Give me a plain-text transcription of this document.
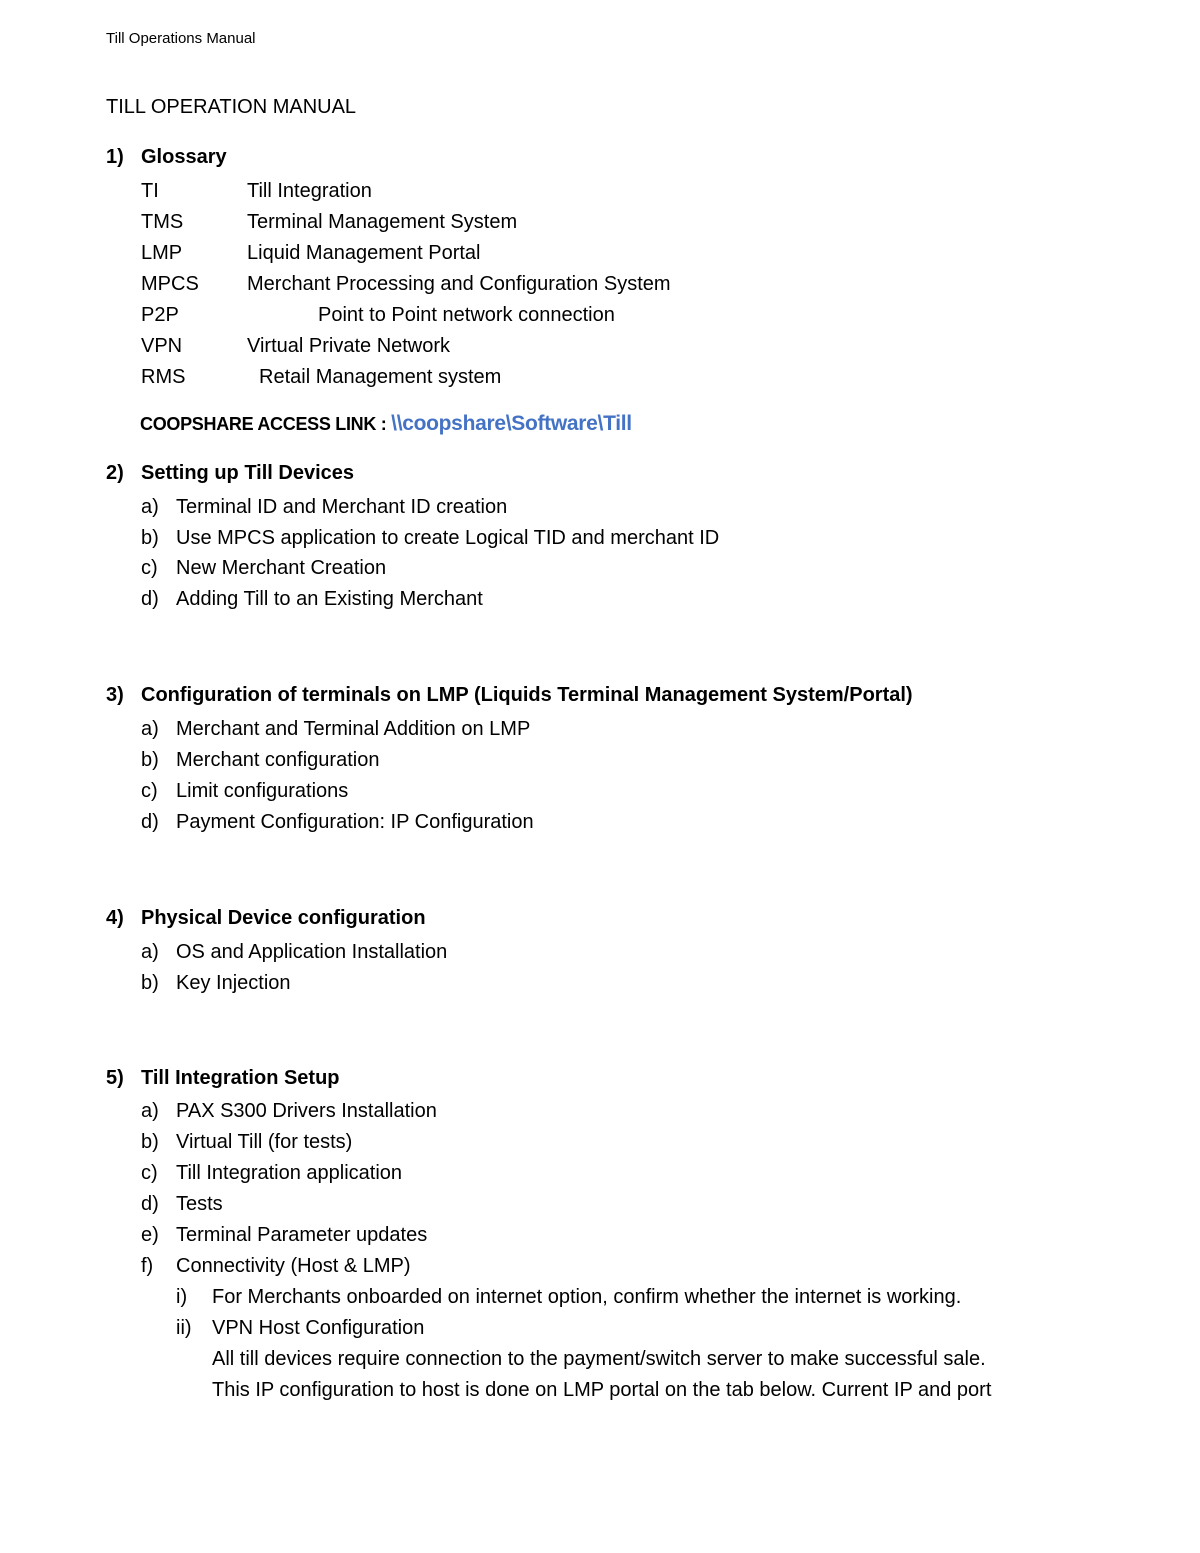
Till Operations Manual
TILL OPERATION MANUAL
1) Glossary
TI	Till Integration
TMS	Terminal Management System
LMP	Liquid Management Portal
MPCS Merchant Processing and Configuration System
P2P	Point to Point network connection
VPN	Virtual Private Network
RMS	Retail Management system
COOPSHARE ACCESS LINK : \\coopshare\Software\Till
2) Setting up Till Devices
a) Terminal ID and Merchant ID creation
b) Use MPCS application to create Logical TID and merchant ID
c) New Merchant Creation
d) Adding Till to an Existing Merchant
3) Configuration of terminals on LMP (Liquids Terminal Management System/Portal)
a) Merchant and Terminal Addition on LMP
b) Merchant configuration
c) Limit configurations
d) Payment Configuration: IP Configuration
4) Physical Device configuration
a) OS and Application Installation
b) Key Injection
5) Till Integration Setup
a) PAX S300 Drivers Installation
b) Virtual Till (for tests)
c) Till Integration application
d) Tests
e) Terminal Parameter updates
f) Connectivity (Host & LMP)
i) For Merchants onboarded on internet option, confirm whether the internet is working.
ii) VPN Host Configuration
All till devices require connection to the payment/switch server to make successful sale.
This IP configuration to host is done on LMP portal on the tab below. Current IP and port
